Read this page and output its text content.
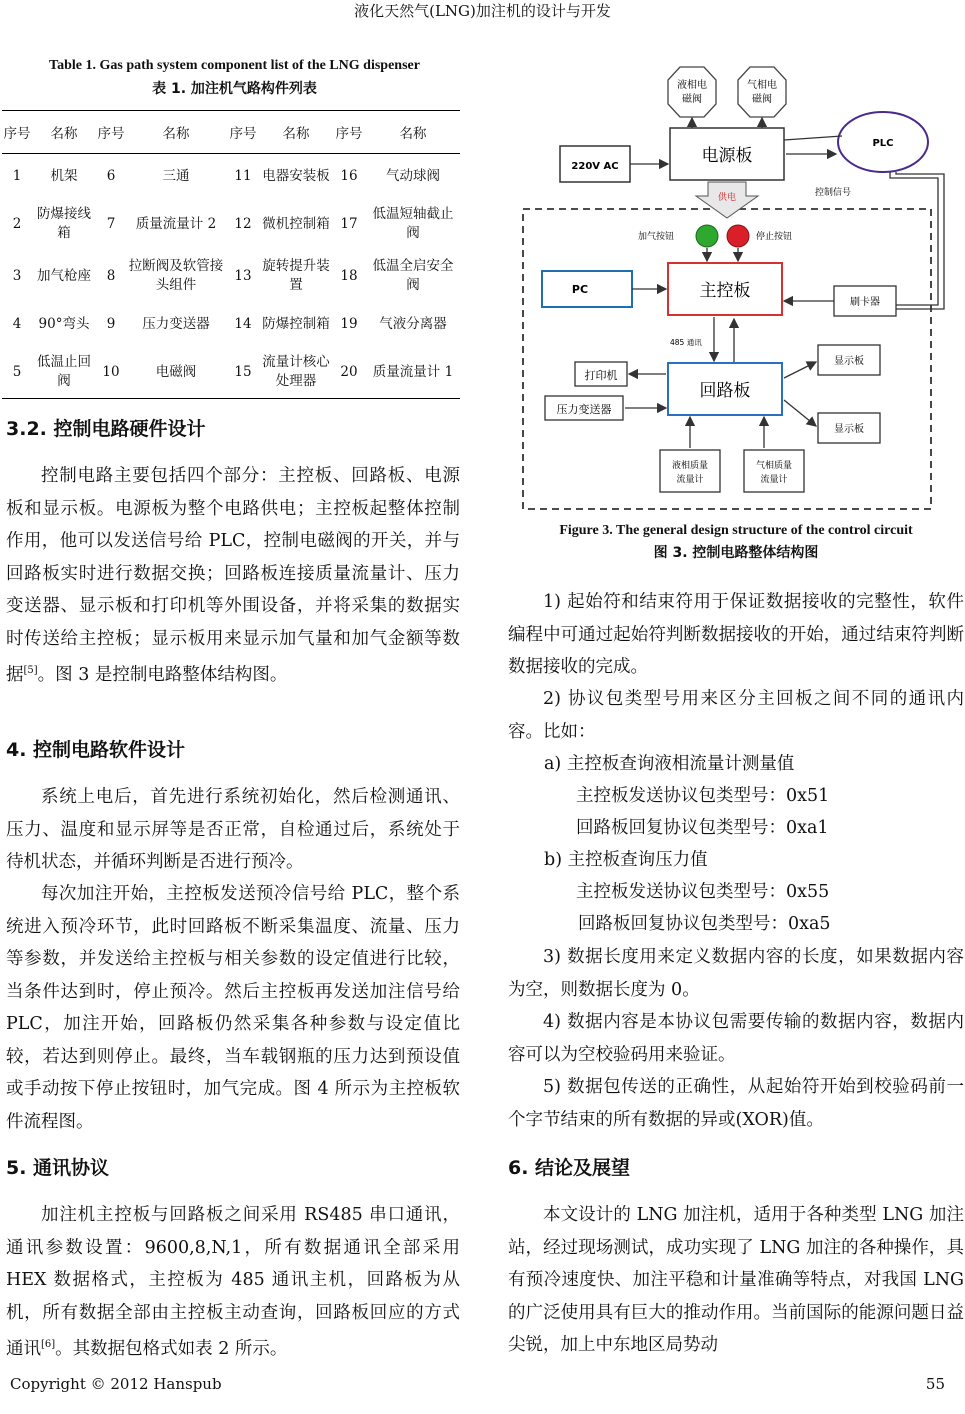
液化天然气(LNG)加注机的设计与开发
Copyright © 2012 Hanspub	55
Table 1. Gas path system component list of the LNG dispenser
表 1. 加注机气路构件列表
序号	名称	序号	名称	序号	名称	序号	名称
1	机架	6	三通	11	电器安装板	16	气动球阀
2	防爆接线箱	7	质量流量计 2	12	微机控制箱	17	低温短轴截止阀
3	加气枪座	8	拉断阀及软管接头组件	13	旋转提升装置	18	低温全启安全阀
4	90°弯头	9	压力变送器	14	防爆控制箱	19	气液分离器
5	低温止回阀	10	电磁阀	15	流量计核心处理器	20	质量流量计 1
3.2. 控制电路硬件设计
控制电路主要包括四个部分：主控板、回路板、电源板和显示板。电源板为整个电路供电；主控板起整体控制作用，他可以发送信号给 PLC，控制电磁阀的开关，并与回路板实时进行数据交换；回路板连接质量流量计、压力变送器、显示板和打印机等外围设备，并将采集的数据实时传送给主控板；显示板用来显示加气量和加气金额等数据[5]。图 3 是控制电路整体结构图。
4. 控制电路软件设计
系统上电后，首先进行系统初始化，然后检测通讯、压力、温度和显示屏等是否正常，自检通过后，系统处于待机状态，并循环判断是否进行预冷。
每次加注开始，主控板发送预冷信号给 PLC，整个系统进入预冷环节，此时回路板不断采集温度、流量、压力等参数，并发送给主控板与相关参数的设定值进行比较，当条件达到时，停止预冷。然后主控板再发送加注信号给 PLC，加注开始，回路板仍然采集各种参数与设定值比较，若达到则停止。最终，当车载钢瓶的压力达到预设值或手动按下停止按钮时，加气完成。图 4 所示为主控板软件流程图。
5. 通讯协议
加注机主控板与回路板之间采用 RS485 串口通讯，通讯参数设置：9600,8,N,1，所有数据通讯全部采用 HEX 数据格式，主控板为 485 通讯主机，回路板为从机，所有数据全部由主控板主动查询，回路板回应的方式通讯[6]。其数据包格式如表 2 所示。
液相电
磁阀
气相电
磁阀
电源板
220V AC
PLC
控制信号
供电
加气按钮	停止按钮
主控板
PC
刷卡器
485 通讯
回路板
打印机
压力变送器
显示板
显示板
液相质量
流量计
气相质量
流量计
Figure 3. The general design structure of the control circuit
图 3. 控制电路整体结构图
1) 起始符和结束符用于保证数据接收的完整性，软件编程中可通过起始符判断数据接收的开始，通过结束符判断数据接收的完成。
2) 协议包类型号用来区分主回板之间不同的通讯内容。比如：
a) 主控板查询液相流量计测量值
主控板发送协议包类型号：0x51
回路板回复协议包类型号：0xa1
b) 主控板查询压力值
主控板发送协议包类型号：0x55
回路板回复协议包类型号：0xa5
3) 数据长度用来定义数据内容的长度，如果数据内容为空，则数据长度为 0。
4) 数据内容是本协议包需要传输的数据内容，数据内容可以为空校验码用来验证。
5) 数据包传送的正确性，从起始符开始到校验码前一个字节结束的所有数据的异或(XOR)值。
6. 结论及展望
本文设计的 LNG 加注机，适用于各种类型 LNG 加注站，经过现场测试，成功实现了 LNG 加注的各种操作，具有预冷速度快、加注平稳和计量准确等特点，对我国 LNG 的广泛使用具有巨大的推动作用。当前国际的能源问题日益尖锐，加上中东地区局势动
